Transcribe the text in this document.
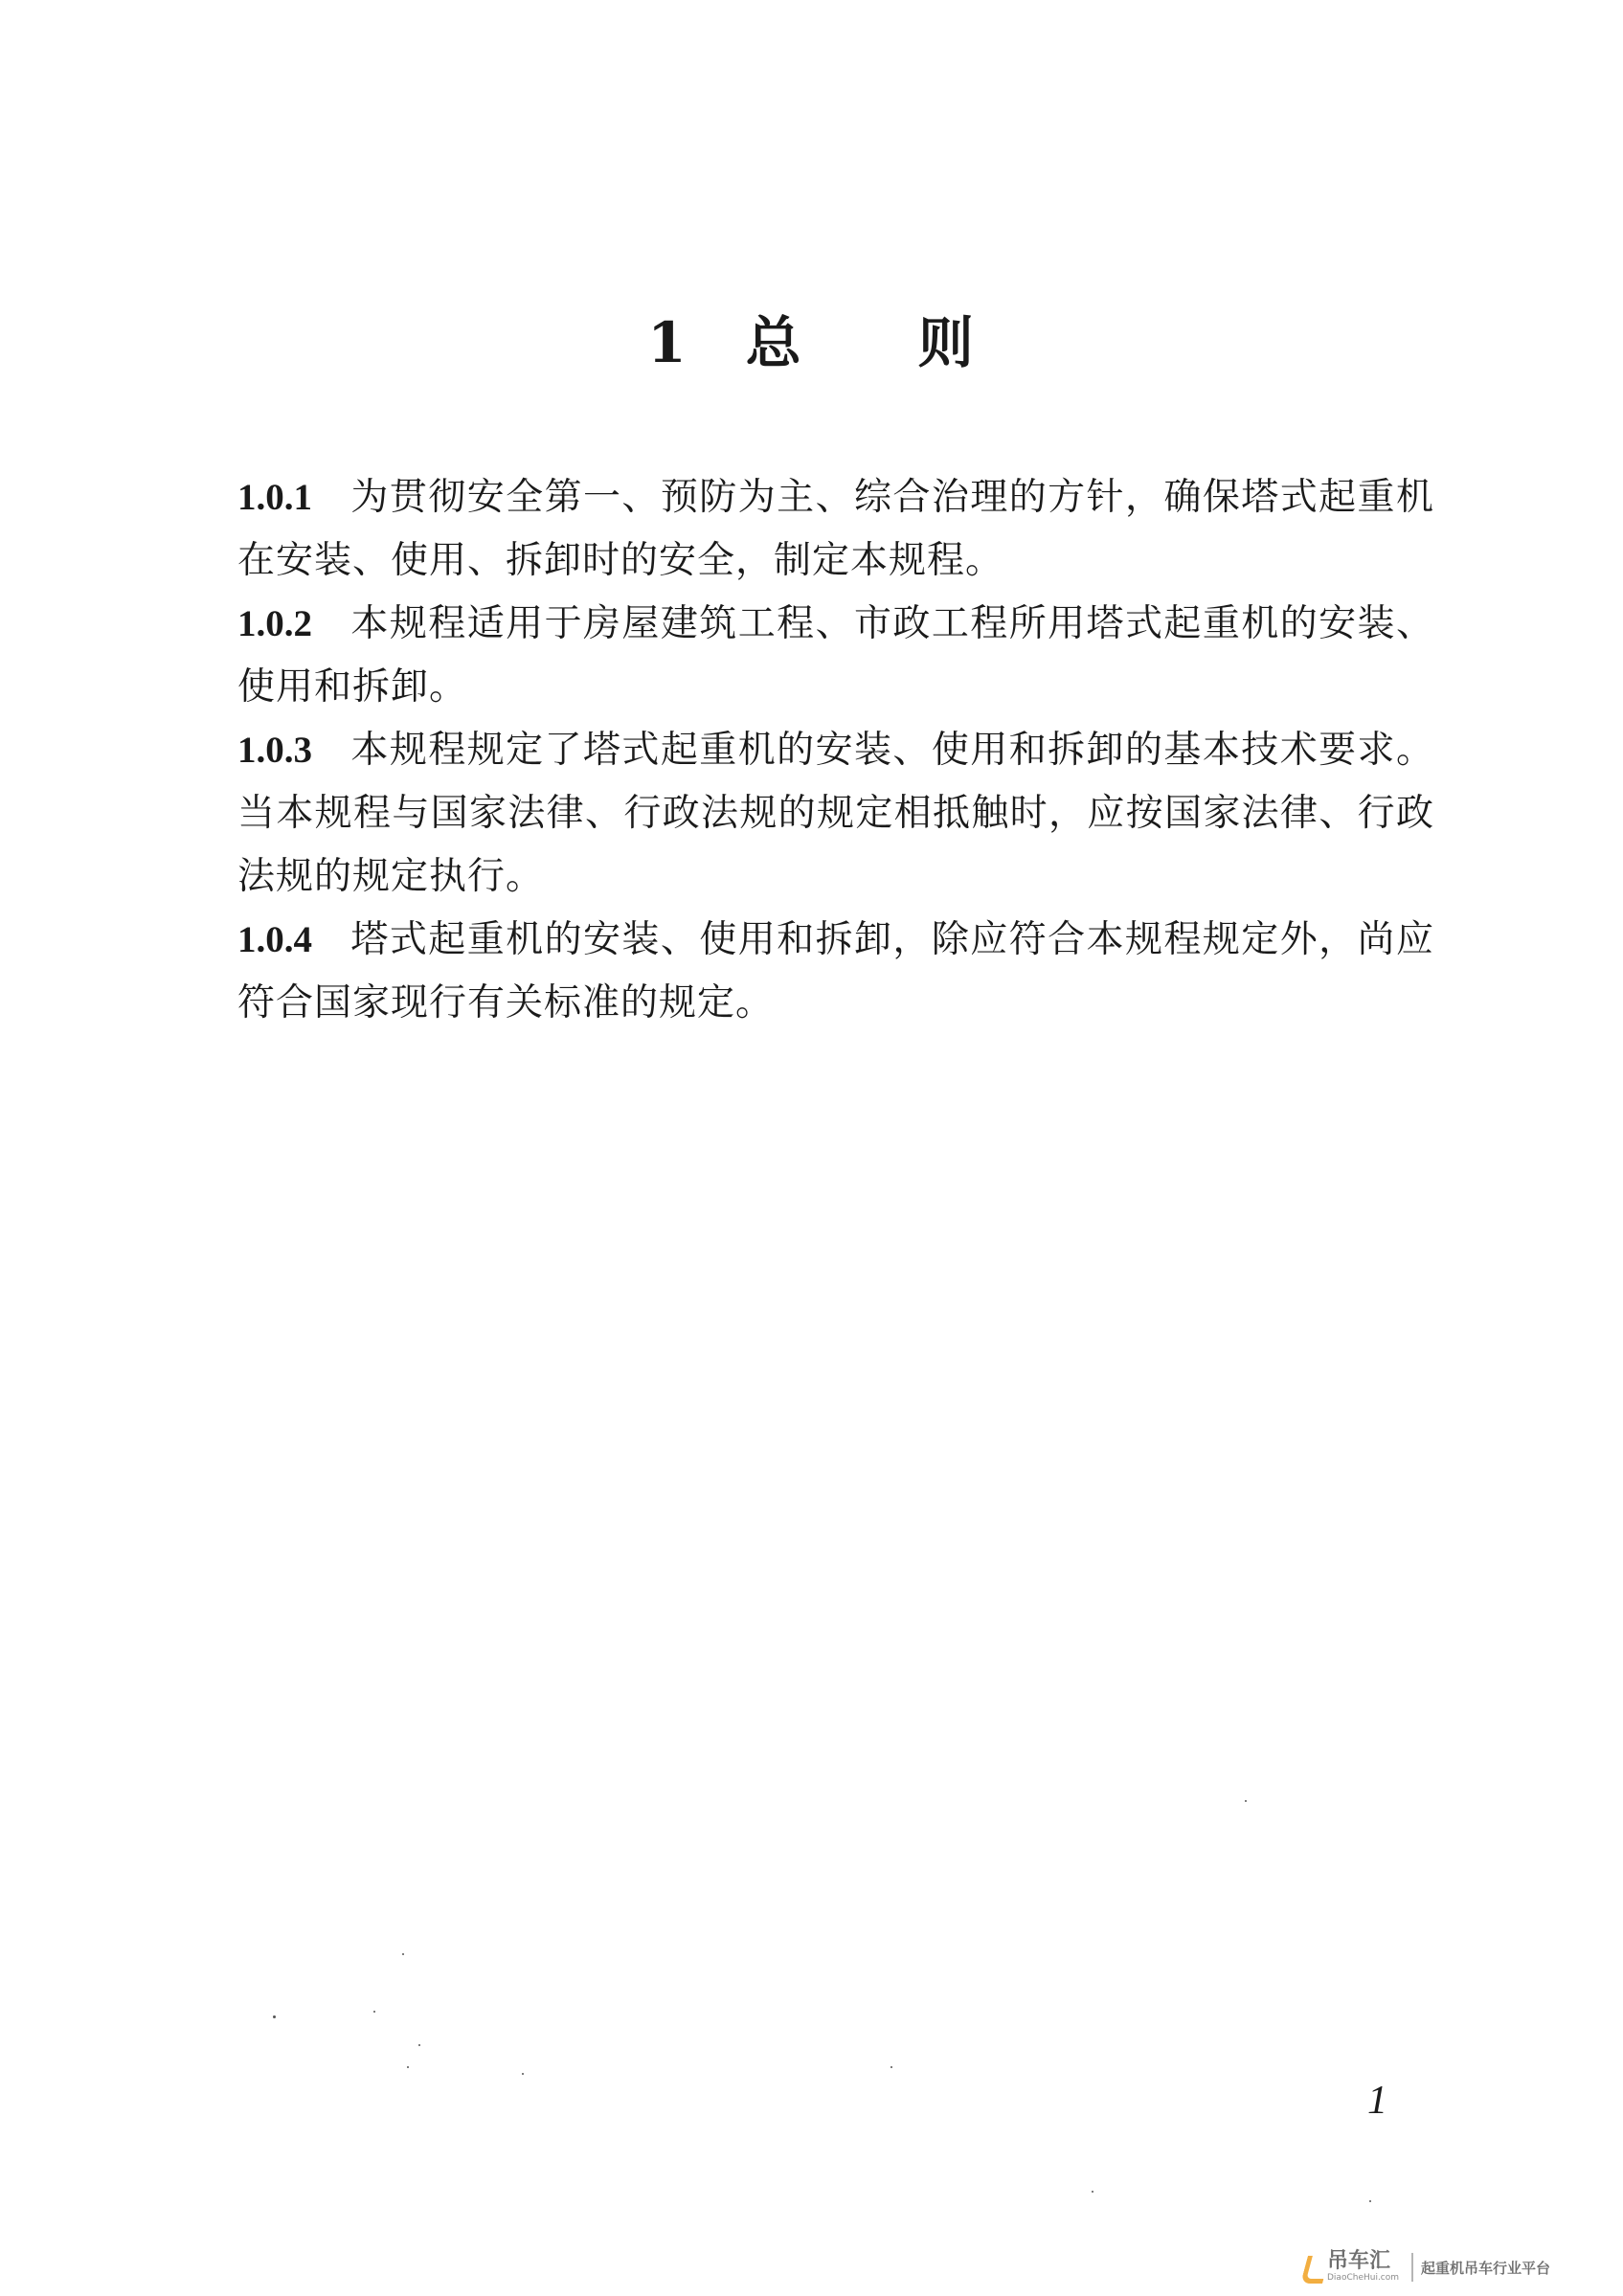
1 总 则

1.0.1 为贯彻安全第一、预防为主、综合治理的方针，确保塔式起重机在安装、使用、拆卸时的安全，制定本规程。

1.0.2 本规程适用于房屋建筑工程、市政工程所用塔式起重机的安装、使用和拆卸。

1.0.3 本规程规定了塔式起重机的安装、使用和拆卸的基本技术要求。当本规程与国家法律、行政法规的规定相抵触时，应按国家法律、行政法规的规定执行。

1.0.4 塔式起重机的安装、使用和拆卸，除应符合本规程规定外，尚应符合国家现行有关标准的规定。

1
吊车汇
DiaoCheHui.com
起重机吊车行业平台
